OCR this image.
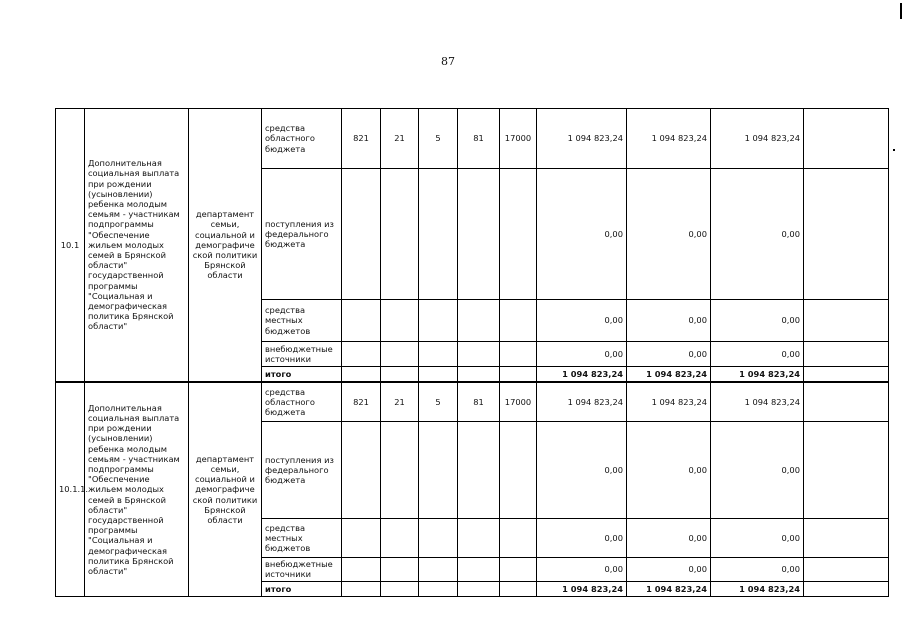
87
10.1	Дополнительная социальная выплата при рождении (усыновлении) ребенка молодым семьям - участникам подпрограммы "Обеспечение жильем молодых семей в Брянской области" государственной программы "Социальная и демографическая политика Брянской области"	департамент семьи, социальной и демографиче ской политики Брянской области	средства областного бюджета	821	21	5	81	17000	1 094 823,24	1 094 823,24	1 094 823,24	
			поступления из федерального бюджета						0,00	0,00	0,00	
			средства местных бюджетов						0,00	0,00	0,00	
			внебюджетные источники						0,00	0,00	0,00	
			итого						1 094 823,24	1 094 823,24	1 094 823,24	
10.1.1.	Дополнительная социальная выплата при рождении (усыновлении) ребенка молодым семьям - участникам подпрограммы "Обеспечение жильем молодых семей в Брянской области" государственной программы "Социальная и демографическая политика Брянской области"	департамент семьи, социальной и демографиче ской политики Брянской области	средства областного бюджета	821	21	5	81	17000	1 094 823,24	1 094 823,24	1 094 823,24	
			поступления из федерального бюджета						0,00	0,00	0,00	
			средства местных бюджетов						0,00	0,00	0,00	
			внебюджетные источники						0,00	0,00	0,00	
			итого						1 094 823,24	1 094 823,24	1 094 823,24	
